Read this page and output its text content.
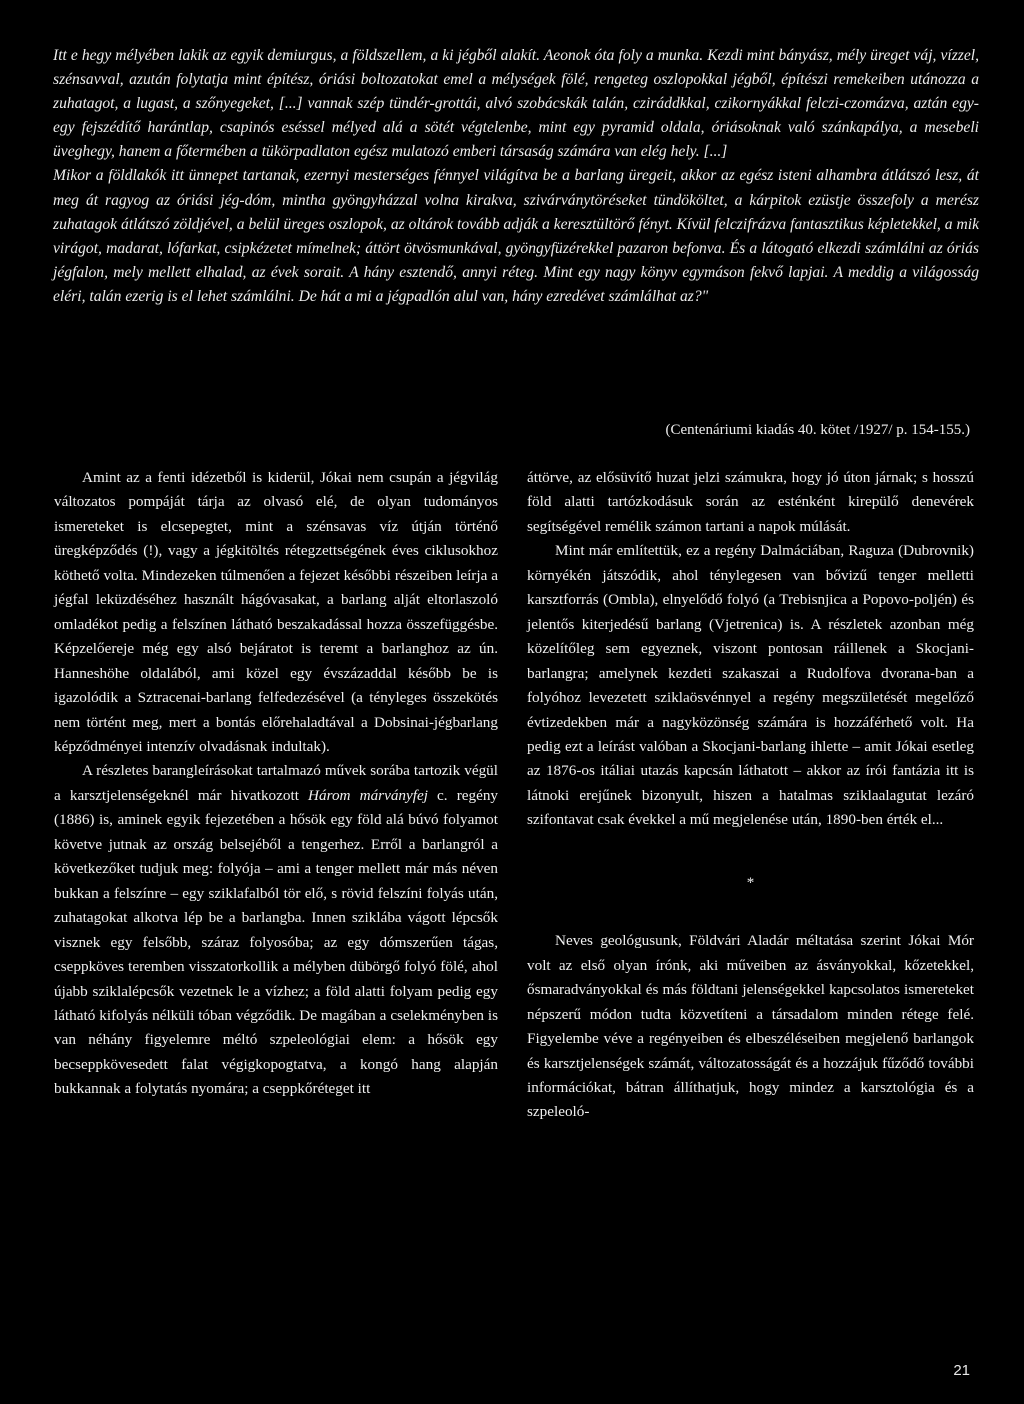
Itt e hegy mélyében lakik az egyik demiurgus, a földszellem, a ki jégből alakít. Aeonok óta foly a munka. Kezdi mint bányász, mély üreget váj, vízzel, szénsavval, azután folytatja mint építész, óriási boltozatokat emel a mélységek fölé, rengeteg oszlopokkal jégből, építészi remekeiben utánozza a zuhatagot, a lugast, a szőnyegeket, [...] vannak szép tündér-grottái, alvó szobácskák talán, cziráddkkal, czikornyákkal felczi-czomázva, aztán egy-egy fejszédítő harántlap, csapinós eséssel mélyed alá a sötét végtelenbe, mint egy pyramid oldala, óriásoknak való szánkapálya, a mesebeli üveghegy, hanem a főtermében a tükörpadlaton egész mulatozó emberi társaság számára van elég hely. [...]

Mikor a földlakók itt ünnepet tartanak, ezernyi mesterséges fénnyel világítva be a barlang üregeit, akkor az egész isteni alhambra átlátszó lesz, át meg át ragyog az óriási jég-dóm, mintha gyöngyházzal volna kirakva, szivárványtöréseket tündököltet, a kárpitok ezüstje összefoly a merész zuhatagok átlátszó zöldjével, a belül üreges oszlopok, az oltárok tovább adják a keresztültörő fényt. Kívül felczifrázva fantasztikus képletekkel, a mik virágot, madarat, lófarkat, csipkézetet mímelnek; áttört ötvösmunkával, gyöngyfüzérekkel pazaron befonva. És a látogató elkezdi számlálni az óriás jégfalon, mely mellett elhalad, az évek sorait. A hány esztendő, annyi réteg. Mint egy nagy könyv egymáson fekvő lapjai. A meddig a világosság eléri, talán ezerig is el lehet számlálni. De hát a mi a jégpadlón alul van, hány ezredévet számlálhat az?"

(Centenáriumi kiadás 40. kötet /1927/ p. 154-155.)

Amint az a fenti idézetből is kiderül, Jókai nem csupán a jégvilág változatos pompáját tárja az olvasó elé, de olyan tudományos ismereteket is elcsepegtet, mint a szénsavas víz útján történő üregképződés (!), vagy a jégkitöltés rétegzettségének éves ciklusokhoz köthető volta. Mindezeken túlmenően a fejezet későbbi részeiben leírja a jégfal leküzdéséhez használt hágóvasakat, a barlang alját eltorlaszoló omladékot pedig a felszínen látható beszakadással hozza összefüggésbe. Képzelőereje még egy alsó bejáratot is teremt a barlanghoz az ún. Hanneshöhe oldalából, ami közel egy évszázaddal később be is igazolódik a Sztracenai-barlang felfedezésével (a tényleges összekötés nem történt meg, mert a bontás előrehaladtával a Dobsinai-jégbarlang képződményei intenzív olvadásnak indultak).

A részletes barangleírásokat tartalmazó művek sorába tartozik végül a karsztjelenségeknél már hivatkozott Három márványfej c. regény (1886) is, aminek egyik fejezetében a hősök egy föld alá búvó folyamot követve jutnak az ország belsejéből a tengerhez. Erről a barlangról a következőket tudjuk meg: folyója – ami a tenger mellett már más néven bukkan a felszínre – egy sziklafalból tör elő, s rövid felszíni folyás után, zuhatagokat alkotva lép be a barlangba. Innen sziklába vágott lépcsők visznek egy felsőbb, száraz folyosóba; az egy dómszerűen tágas, cseppköves teremben visszatorkollik a mélyben dübörgő folyó fölé, ahol újabb sziklalépcsők vezetnek le a vízhez; a föld alatti folyam pedig egy látható kifolyás nélküli tóban végződik. De magában a cselekményben is van néhány figyelemre méltó szpeleológiai elem: a hősök egy becseppkövesedett falat végigkopogtatva, a kongó hang alapján bukkannak a folytatás nyomára; a cseppkőréteget itt

áttörve, az elősüvítő huzat jelzi számukra, hogy jó úton járnak; s hosszú föld alatti tartózkodásuk során az esténként kirepülő denevérek segítségével remélik számon tartani a napok múlását.

Mint már említettük, ez a regény Dalmáciában, Raguza (Dubrovnik) környékén játszódik, ahol ténylegesen van bővizű tenger melletti karsztforrás (Ombla), elnyelődő folyó (a Trebisnjica a Popovo-poljén) és jelentős kiterjedésű barlang (Vjetrenica) is. A részletek azonban még közelítőleg sem egyeznek, viszont pontosan ráillenek a Skocjani-barlangra; amelynek kezdeti szakaszai a Rudolfova dvorana-ban a folyóhoz levezetett sziklaösvénnyel a regény megszületését megelőző évtizedekben már a nagyközönség számára is hozzáférhető volt. Ha pedig ezt a leírást valóban a Skocjani-barlang ihlette – amit Jókai esetleg az 1876-os itáliai utazás kapcsán láthatott – akkor az írói fantázia itt is látnoki erejűnek bizonyult, hiszen a hatalmas sziklaalagutat lezáró szifontavat csak évekkel a mű megjelenése után, 1890-ben érték el...

*

Neves geológusunk, Földvári Aladár méltatása szerint Jókai Mór volt az első olyan írónk, aki műveiben az ásványokkal, kőzetekkel, ősmaradványokkal és más földtani jelenségekkel kapcsolatos ismereteket népszerű módon tudta közvetíteni a társadalom minden rétege felé. Figyelembe véve a regényeiben és elbeszéléseiben megjelenő barlangok és karsztjelenségek számát, változatosságát és a hozzájuk fűződő további információkat, bátran állíthatjuk, hogy mindez a karsztológia és a szpeleoló-

21
